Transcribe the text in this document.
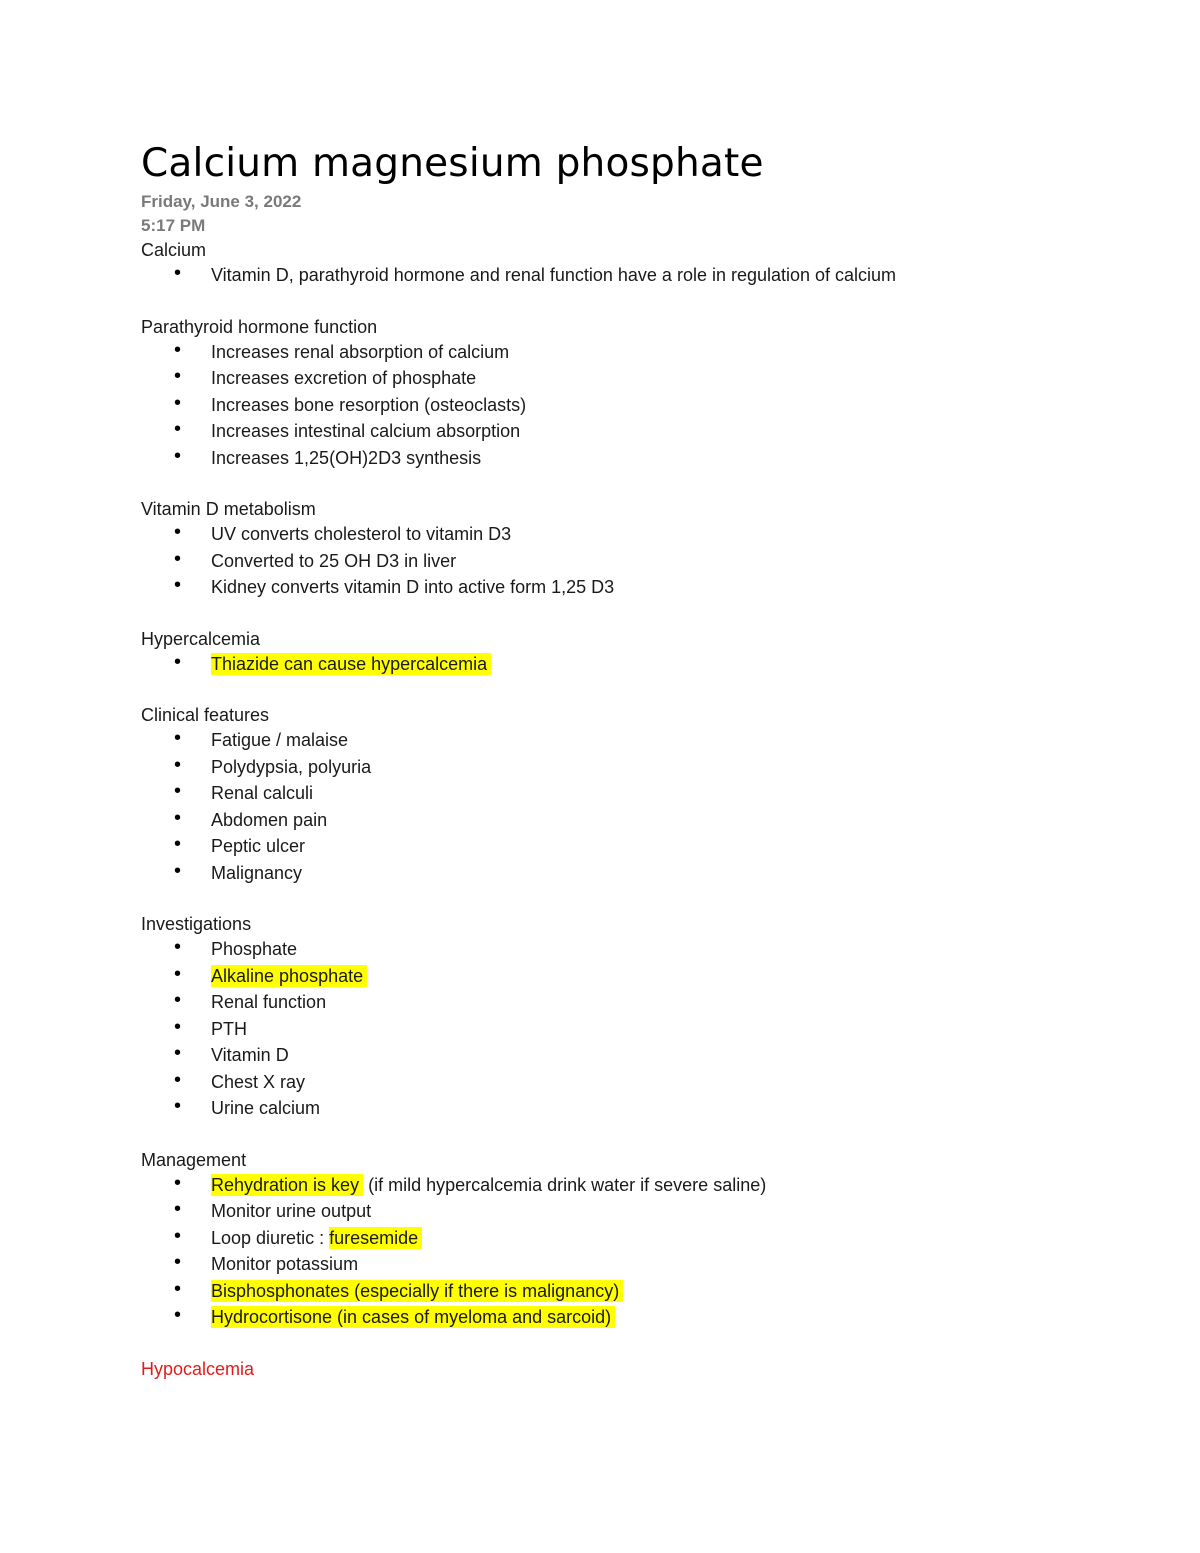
Calcium magnesium phosphate

Friday, June 3, 2022

5:17 PM

Calcium

• Vitamin D, parathyroid hormone and renal function have a role in regulation of calcium

Parathyroid hormone function

• Increases renal absorption of calcium
• Increases excretion of phosphate
• Increases bone resorption (osteoclasts)
• Increases intestinal calcium absorption
• Increases 1,25(OH)2D3 synthesis

Vitamin D metabolism

• UV converts cholesterol to vitamin D3
• Converted to 25 OH D3 in liver
• Kidney converts vitamin D into active form 1,25 D3

Hypercalcemia

• Thiazide can cause hypercalcemia

Clinical features

• Fatigue / malaise
• Polydypsia, polyuria
• Renal calculi
• Abdomen pain
• Peptic ulcer
• Malignancy

Investigations

• Phosphate
• Alkaline phosphate
• Renal function
• PTH
• Vitamin D
• Chest X ray
• Urine calcium

Management

• Rehydration is key (if mild hypercalcemia drink water if severe saline)
• Monitor urine output
• Loop diuretic : furesemide
• Monitor potassium
• Bisphosphonates (especially if there is malignancy)
• Hydrocortisone (in cases of myeloma and sarcoid)

Hypocalcemia
